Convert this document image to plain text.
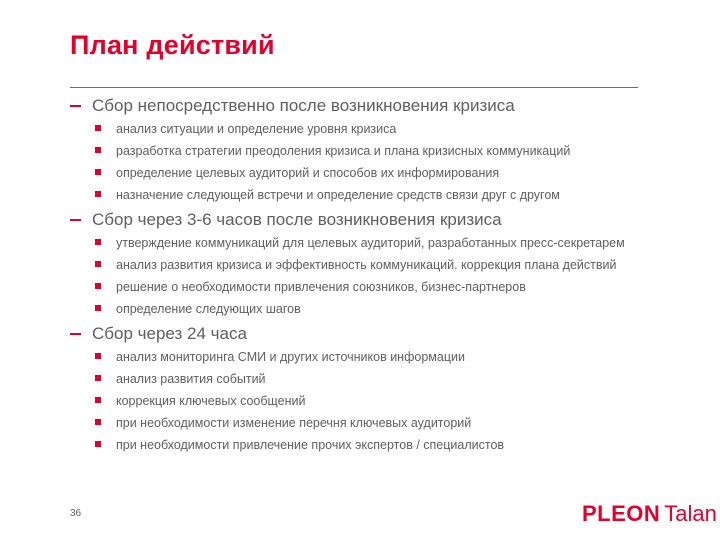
План действий
Сбор непосредственно после возникновения кризиса
анализ ситуации и определение уровня кризиса
разработка стратегии преодоления кризиса и плана кризисных коммуникаций
определение целевых аудиторий и способов их информирования
назначение следующей встречи и определение средств связи друг с другом
Сбор через 3-6 часов после возникновения кризиса
утверждение коммуникаций для целевых аудиторий, разработанных пресс-секретарем
анализ развития кризиса и эффективность коммуникаций. коррекция плана действий
решение о необходимости привлечения союзников, бизнес-партнеров
определение следующих шагов
Сбор через 24 часа
анализ мониторинга СМИ и других источников информации
анализ развития событий
коррекция ключевых сообщений
при необходимости изменение перечня ключевых аудиторий
при необходимости привлечение прочих экспертов / специалистов
36	PLEON Talan
